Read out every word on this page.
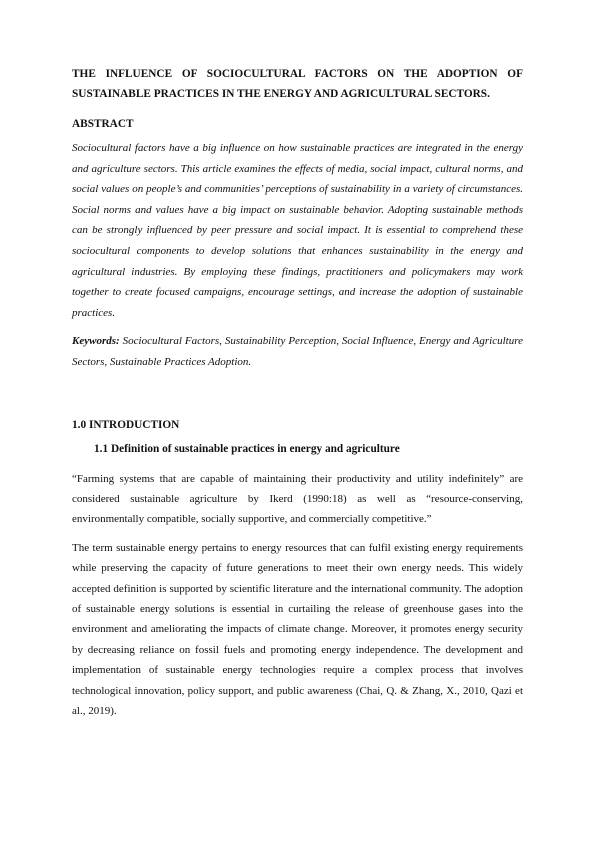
THE INFLUENCE OF SOCIOCULTURAL FACTORS ON THE ADOPTION OF SUSTAINABLE PRACTICES IN THE ENERGY AND AGRICULTURAL SECTORS.

ABSTRACT

Sociocultural factors have a big influence on how sustainable practices are integrated in the energy and agriculture sectors. This article examines the effects of media, social impact, cultural norms, and social values on people’s and communities’ perceptions of sustainability in a variety of circumstances. Social norms and values have a big impact on sustainable behavior. Adopting sustainable methods can be strongly influenced by peer pressure and social impact. It is essential to comprehend these sociocultural components to develop solutions that enhances sustainability in the energy and agricultural industries. By employing these findings, practitioners and policymakers may work together to create focused campaigns, encourage settings, and increase the adoption of sustainable practices.

Keywords: Sociocultural Factors, Sustainability Perception, Social Influence, Energy and Agriculture Sectors, Sustainable Practices Adoption.

1.0 INTRODUCTION
1.1 Definition of sustainable practices in energy and agriculture

“Farming systems that are capable of maintaining their productivity and utility indefinitely” are considered sustainable agriculture by Ikerd (1990:18) as well as “resource-conserving, environmentally compatible, socially supportive, and commercially competitive.”

The term sustainable energy pertains to energy resources that can fulfil existing energy requirements while preserving the capacity of future generations to meet their own energy needs. This widely accepted definition is supported by scientific literature and the international community. The adoption of sustainable energy solutions is essential in curtailing the release of greenhouse gases into the environment and ameliorating the impacts of climate change. Moreover, it promotes energy security by decreasing reliance on fossil fuels and promoting energy independence. The development and implementation of sustainable energy technologies require a complex process that involves technological innovation, policy support, and public awareness (Chai, Q. & Zhang, X., 2010, Qazi et al., 2019).
